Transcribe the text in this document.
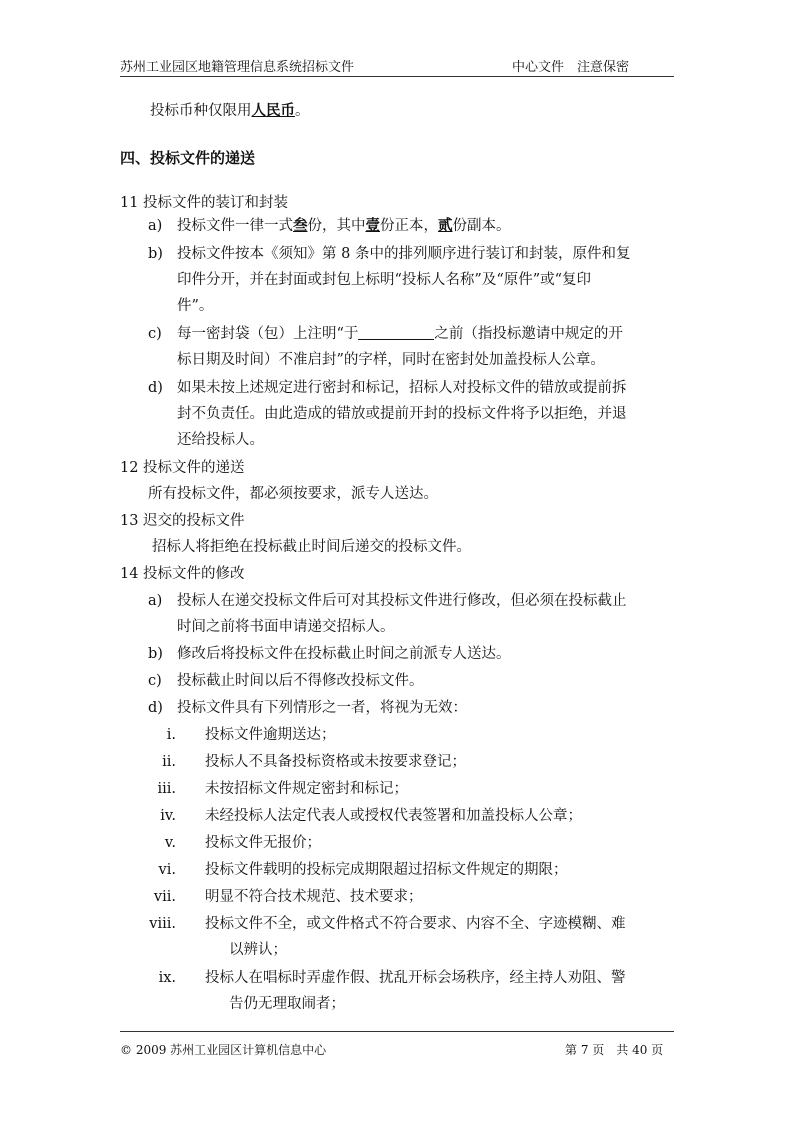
苏州工业园区地籍管理信息系统招标文件	中心文件　注意保密
投标币种仅限用人民币。
四、投标文件的递送
11 投标文件的装订和封装
a) 投标文件一律一式叁份，其中壹份正本，贰份副本。
b) 投标文件按本《须知》第 8 条中的排列顺序进行装订和封装，原件和复
印件分开，并在封面或封包上标明“投标人名称”及“原件”或“复印
件”。
c) 每一密封袋（包）上注明“于	之前（指投标邀请中规定的开
标日期及时间）不准启封”的字样，同时在密封处加盖投标人公章。
d) 如果未按上述规定进行密封和标记，招标人对投标文件的错放或提前拆
封不负责任。由此造成的错放或提前开封的投标文件将予以拒绝，并退
还给投标人。
12 投标文件的递送
所有投标文件，都必须按要求，派专人送达。
13 迟交的投标文件
招标人将拒绝在投标截止时间后递交的投标文件。
14 投标文件的修改
a) 投标人在递交投标文件后可对其投标文件进行修改，但必须在投标截止
时间之前将书面申请递交招标人。
b) 修改后将投标文件在投标截止时间之前派专人送达。
c) 投标截止时间以后不得修改投标文件。
d) 投标文件具有下列情形之一者，将视为无效：
i. 投标文件逾期送达；
ii. 投标人不具备投标资格或未按要求登记；
iii. 未按招标文件规定密封和标记；
iv. 未经投标人法定代表人或授权代表签署和加盖投标人公章；
v. 投标文件无报价；
vi. 投标文件载明的投标完成期限超过招标文件规定的期限；
vii. 明显不符合技术规范、技术要求；
viii. 投标文件不全，或文件格式不符合要求、内容不全、字迹模糊、难
以辨认；
ix. 投标人在唱标时弄虚作假、扰乱开标会场秩序，经主持人劝阻、警
告仍无理取闹者；
© 2009 苏州工业园区计算机信息中心	第 7 页　共 40 页
